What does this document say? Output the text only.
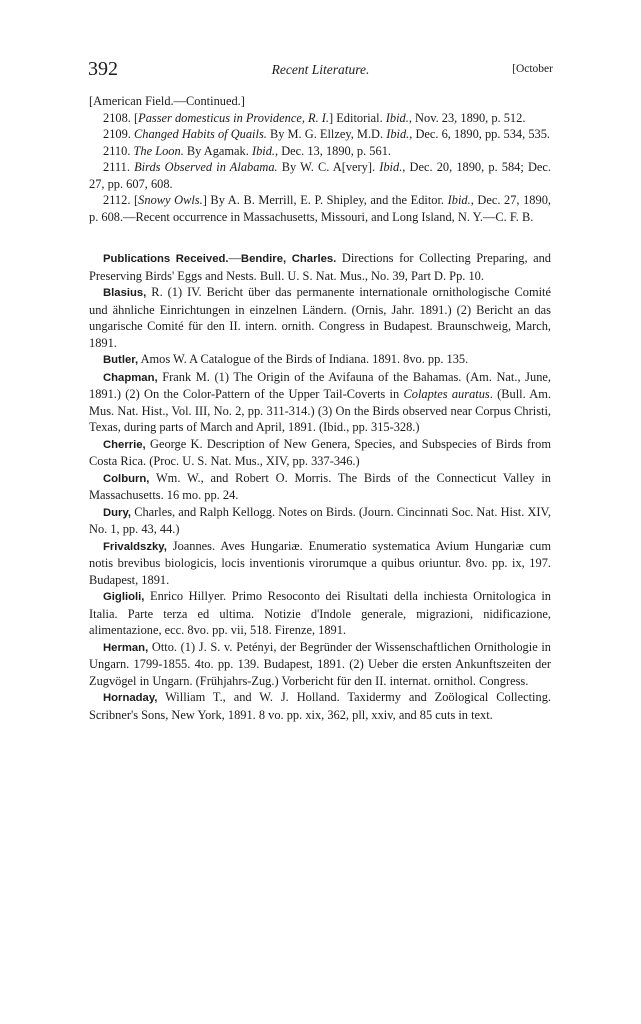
392	Recent Literature.	[October

[American Field.—Continued.]

2108. [Passer domesticus in Providence, R. I.] Editorial. Ibid., Nov. 23, 1890, p. 512.

2109. Changed Habits of Quails. By M. G. Ellzey, M.D. Ibid., Dec. 6, 1890, pp. 534, 535.

2110. The Loon. By Agamak. Ibid., Dec. 13, 1890, p. 561.

2111. Birds Observed in Alabama. By W. C. A[very]. Ibid., Dec. 20, 1890, p. 584; Dec. 27, pp. 607, 608.

2112. [Snowy Owls.] By A. B. Merrill, E. P. Shipley, and the Editor. Ibid., Dec. 27, 1890, p. 608.—Recent occurrence in Massachusetts, Missouri, and Long Island, N. Y.—C. F. B.

Publications Received.—Bendire, Charles. Directions for Collecting Preparing, and Preserving Birds' Eggs and Nests. Bull. U. S. Nat. Mus., No. 39, Part D. Pp. 10.

Blasius, R. (1) IV. Bericht über das permanente internationale ornithologische Comité und ähnliche Einrichtungen in einzelnen Ländern. (Ornis, Jahr. 1891.) (2) Bericht an das ungarische Comité für den II. intern. ornith. Congress in Budapest. Braunschweig, March, 1891.

Butler, Amos W. A Catalogue of the Birds of Indiana. 1891. 8vo. pp. 135.

Chapman, Frank M. (1) The Origin of the Avifauna of the Bahamas. (Am. Nat., June, 1891.) (2) On the Color-Pattern of the Upper Tail-Coverts in Colaptes auratus. (Bull. Am. Mus. Nat. Hist., Vol. III, No. 2, pp. 311-314.) (3) On the Birds observed near Corpus Christi, Texas, during parts of March and April, 1891. (Ibid., pp. 315-328.)

Cherrie, George K. Description of New Genera, Species, and Subspecies of Birds from Costa Rica. (Proc. U. S. Nat. Mus., XIV, pp. 337-346.)

Colburn, Wm. W., and Robert O. Morris. The Birds of the Connecticut Valley in Massachusetts. 16 mo. pp. 24.

Dury, Charles, and Ralph Kellogg. Notes on Birds. (Journ. Cincinnati Soc. Nat. Hist. XIV, No. 1, pp. 43, 44.)

Frivaldszky, Joannes. Aves Hungariæ. Enumeratio systematica Avium Hungariæ cum notis brevibus biologicis, locis inventionis virorumque a quibus oriuntur. 8vo. pp. ix, 197. Budapest, 1891.

Giglioli, Enrico Hillyer. Primo Resoconto dei Risultati della inchiesta Ornitologica in Italia. Parte terza ed ultima. Notizie d'Indole generale, migrazioni, nidificazione, alimentazione, ecc. 8vo. pp. vii, 518. Firenze, 1891.

Herman, Otto. (1) J. S. v. Petényi, der Begründer der Wissenschaftlichen Ornithologie in Ungarn. 1799-1855. 4to. pp. 139. Budapest, 1891. (2) Ueber die ersten Ankunftszeiten der Zugvögel in Ungarn. (Frühjahrs-Zug.) Vorbericht für den II. internat. ornithol. Congress.

Hornaday, William T., and W. J. Holland. Taxidermy and Zoölogical Collecting. Scribner's Sons, New York, 1891. 8 vo. pp. xix, 362, pll, xxiv, and 85 cuts in text.
